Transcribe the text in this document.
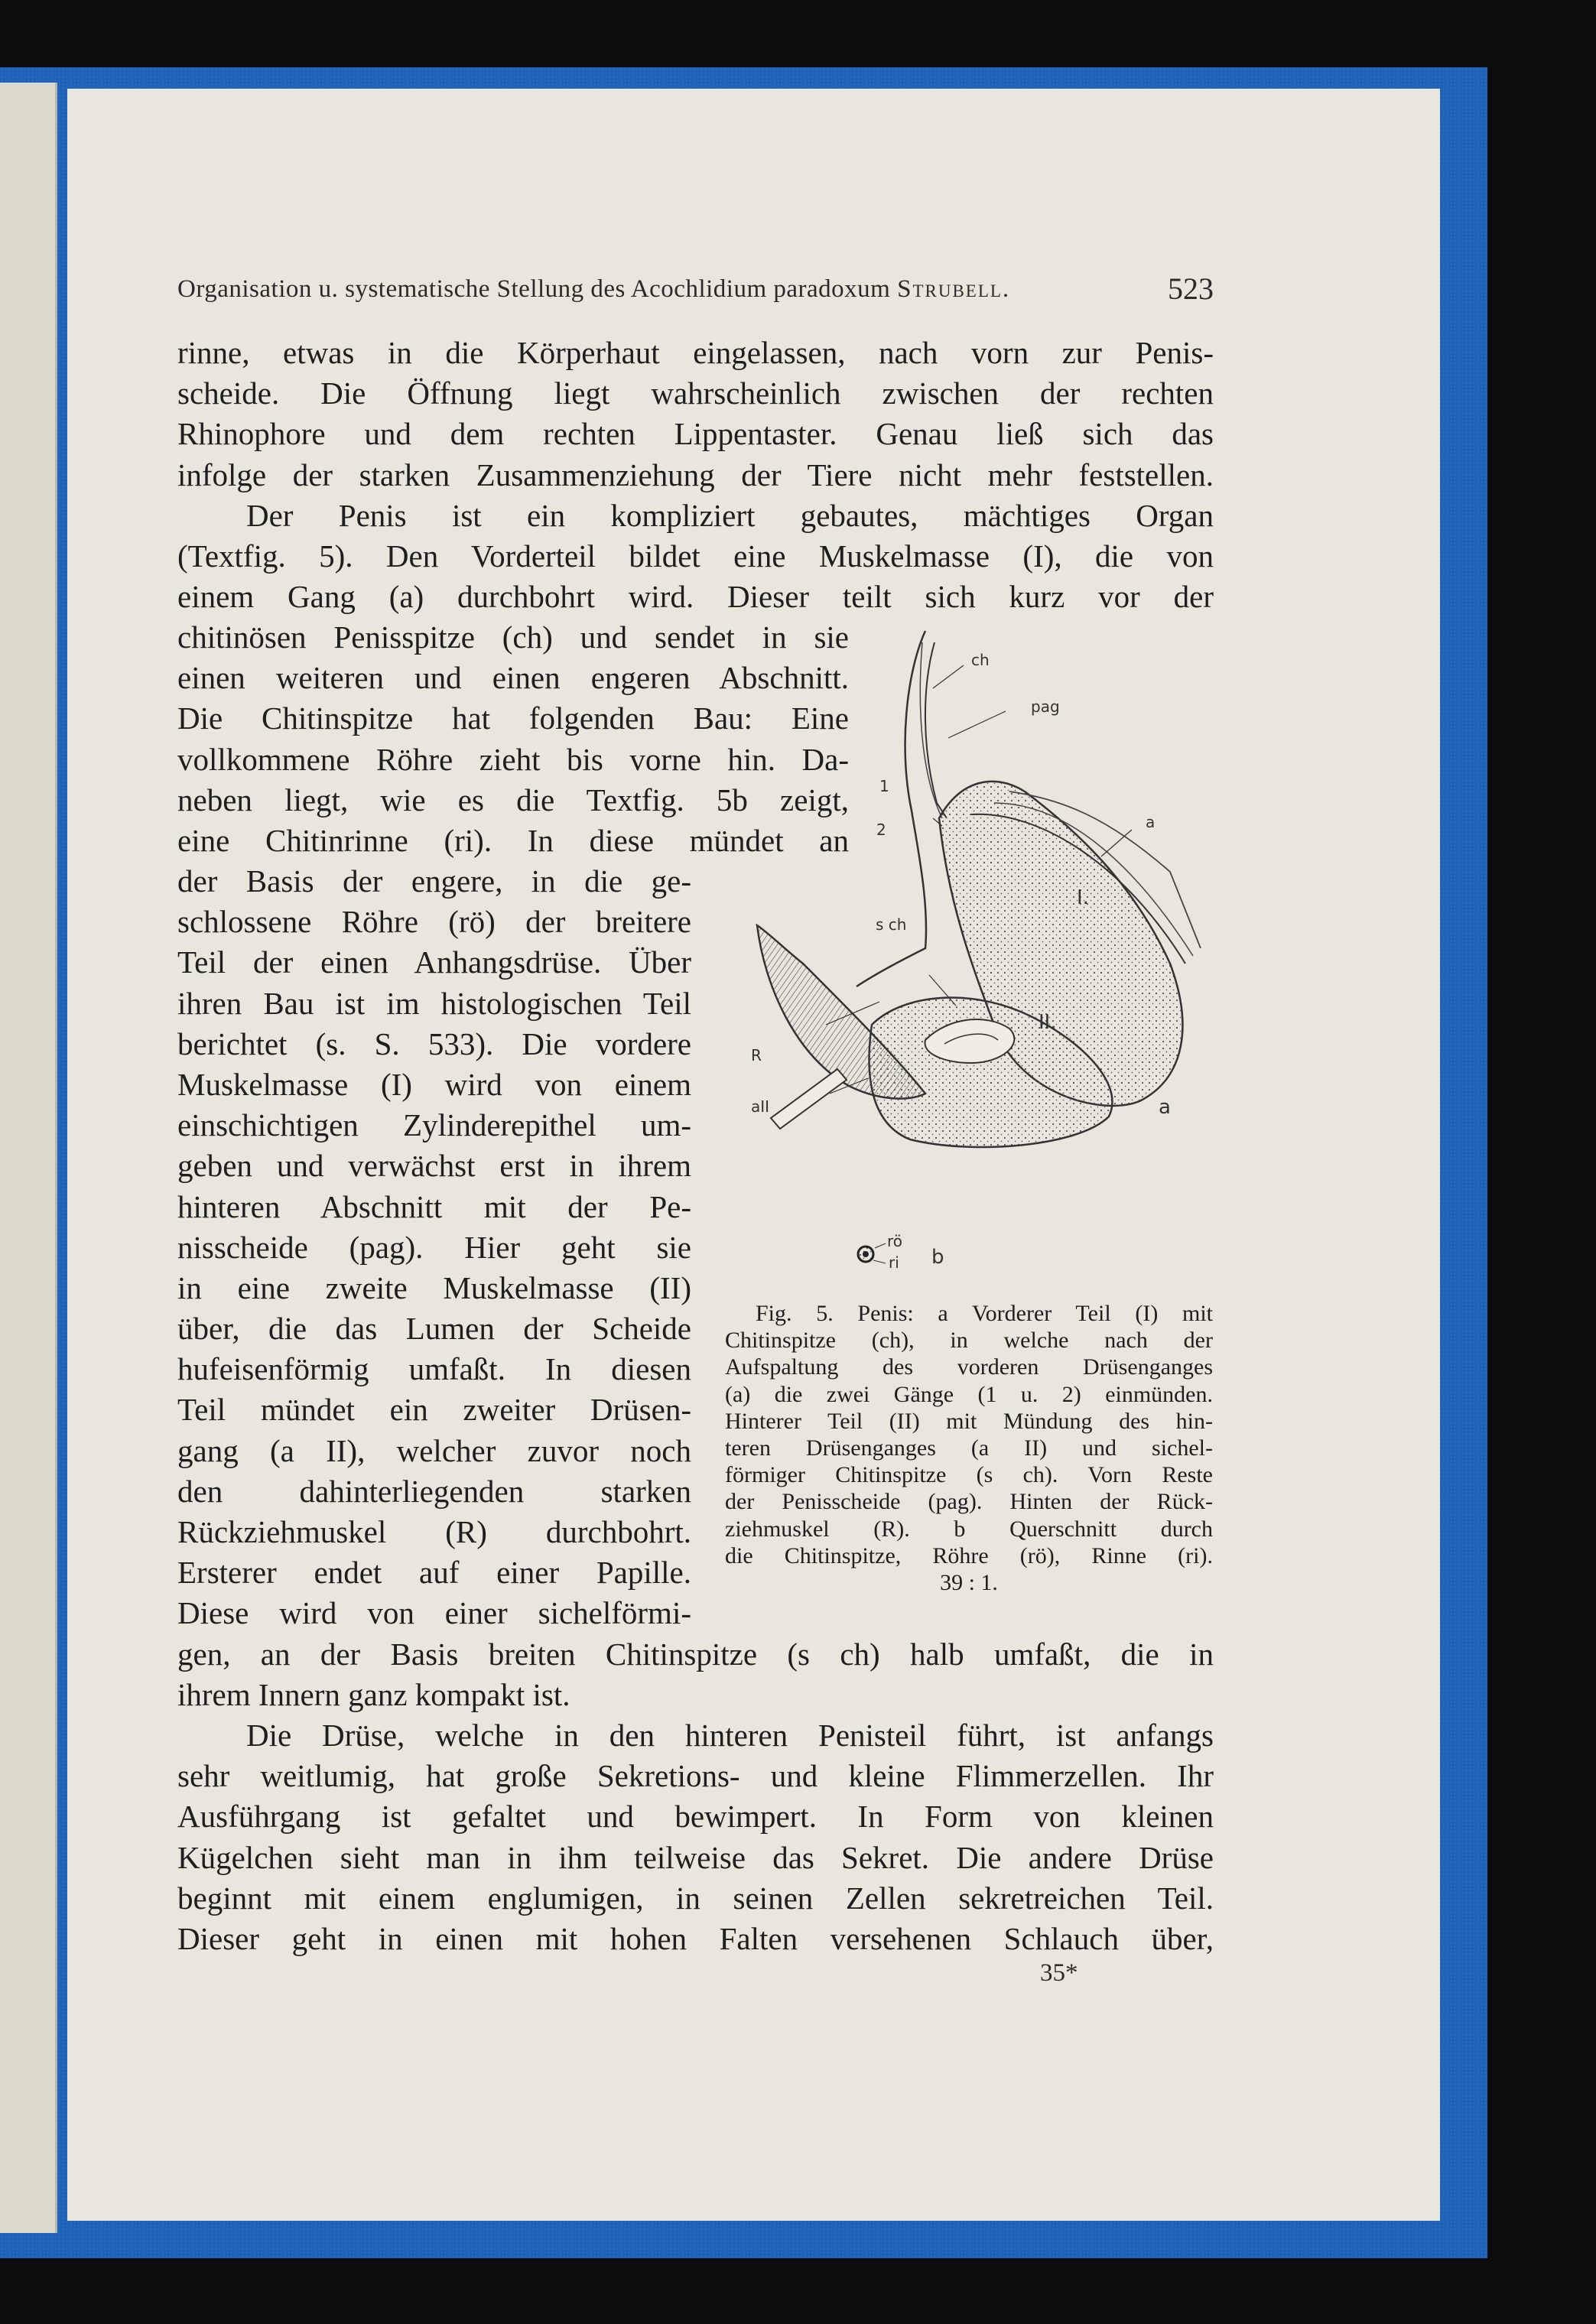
Organisation u. systematische Stellung des Acochlidium paradoxum Strubell.	523
rinne, etwas in die Körperhaut eingelassen, nach vorn zur Penis-
scheide. Die Öffnung liegt wahrscheinlich zwischen der rechten
Rhinophore und dem rechten Lippentaster. Genau ließ sich das
infolge der starken Zusammenziehung der Tiere nicht mehr feststellen.
Der Penis ist ein kompliziert gebautes, mächtiges Organ
(Textfig. 5). Den Vorderteil bildet eine Muskelmasse (I), die von
einem Gang (a) durchbohrt wird. Dieser teilt sich kurz vor der
chitinösen Penisspitze (ch) und sendet in sie
einen weiteren und einen engeren Abschnitt.
Die Chitinspitze hat folgenden Bau: Eine
vollkommene Röhre zieht bis vorne hin. Da-
neben liegt, wie es die Textfig. 5b zeigt,
eine Chitinrinne (ri). In diese mündet an
der Basis der engere, in die ge-
schlossene Röhre (rö) der breitere
Teil der einen Anhangsdrüse. Über
ihren Bau ist im histologischen Teil
berichtet (s. S. 533). Die vordere
Muskelmasse (I) wird von einem
einschichtigen Zylinderepithel um-
geben und verwächst erst in ihrem
hinteren Abschnitt mit der Pe-
nisscheide (pag). Hier geht sie
in eine zweite Muskelmasse (II)
über, die das Lumen der Scheide
hufeisenförmig umfaßt. In diesen
Teil mündet ein zweiter Drüsen-
gang (a II), welcher zuvor noch
den dahinterliegenden starken
Rückziehmuskel (R) durchbohrt.
Ersterer endet auf einer Papille.
Diese wird von einer sichelförmi-
gen, an der Basis breiten Chitinspitze (s ch) halb umfaßt, die in
ihrem Innern ganz kompakt ist.
Die Drüse, welche in den hinteren Penisteil führt, ist anfangs
sehr weitlumig, hat große Sekretions- und kleine Flimmerzellen. Ihr
Ausführgang ist gefaltet und bewimpert. In Form von kleinen
Kügelchen sieht man in ihm teilweise das Sekret. Die andere Drüse
beginnt mit einem englumigen, in seinen Zellen sekretreichen Teil.
Dieser geht in einen mit hohen Falten versehenen Schlauch über,
ch
pag
a
1
2
I.
s ch
II.
R
aII	a
rö
ri b
Fig. 5. Penis: a Vorderer Teil (I) mit
Chitinspitze (ch), in welche nach der
Aufspaltung des vorderen Drüsenganges
(a) die zwei Gänge (1 u. 2) einmünden.
Hinterer Teil (II) mit Mündung des hin-
teren Drüsenganges (a II) und sichel-
förmiger Chitinspitze (s ch). Vorn Reste
der Penisscheide (pag). Hinten der Rück-
ziehmuskel (R). b Querschnitt durch
die Chitinspitze, Röhre (rö), Rinne (ri).
39 : 1.
35*
